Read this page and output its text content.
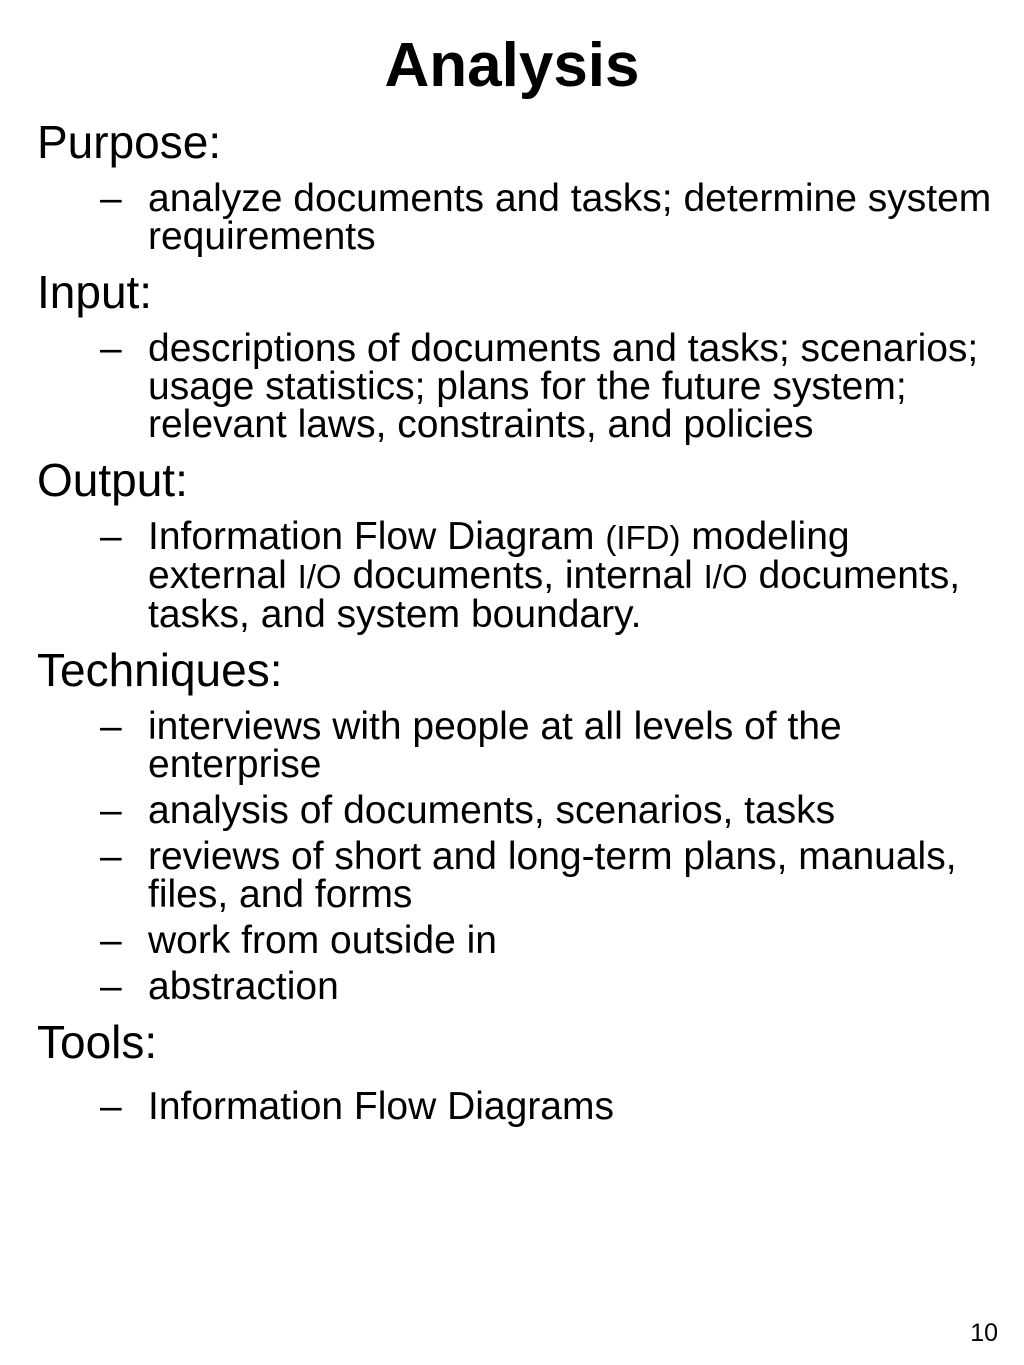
Analysis
Purpose:
– analyze documents and tasks; determine system requirements
Input:
– descriptions of documents and tasks; scenarios; usage statistics; plans for the future system; relevant laws, constraints, and policies
Output:
– Information Flow Diagram (IFD) modeling external I/O documents, internal I/O documents, tasks, and system boundary.
Techniques:
– interviews with people at all levels of the enterprise
– analysis of documents, scenarios, tasks
– reviews of short and long-term plans, manuals, files, and forms
– work from outside in
– abstraction
Tools:
– Information Flow Diagrams
10
